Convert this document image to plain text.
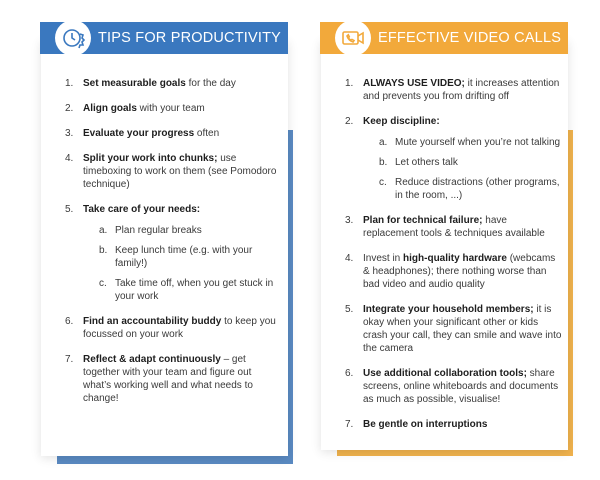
1. Set measurable goals for the day
2. Align goals with your team
3. Evaluate your progress often
4. Split your work into chunks; use timeboxing to work on them (see Pomodoro technique)
5. Take care of your needs:
a. Plan regular breaks
b. Keep lunch time (e.g. with your family!)
c. Take time off, when you get stuck in your work
6. Find an accountability buddy to keep you focussed on your work
7. Reflect & adapt continuously – get together with your team and figure out what’s working well and what needs to change!
TIPS FOR PRODUCTIVITY
1. ALWAYS USE VIDEO; it increases attention and prevents you from drifting off
2. Keep discipline:
a. Mute yourself when you’re not talking
b. Let others talk
c. Reduce distractions (other programs, in the room, ...)
3. Plan for technical failure; have replacement tools & techniques available
4. Invest in high-quality hardware (webcams & headphones); there nothing worse than bad video and audio quality
5. Integrate your household members; it is okay when your significant other or kids crash your call, they can smile and wave into the camera
6. Use additional collaboration tools; share screens, online whiteboards and documents as much as possible, visualise!
7. Be gentle on interruptions
EFFECTIVE VIDEO CALLS
